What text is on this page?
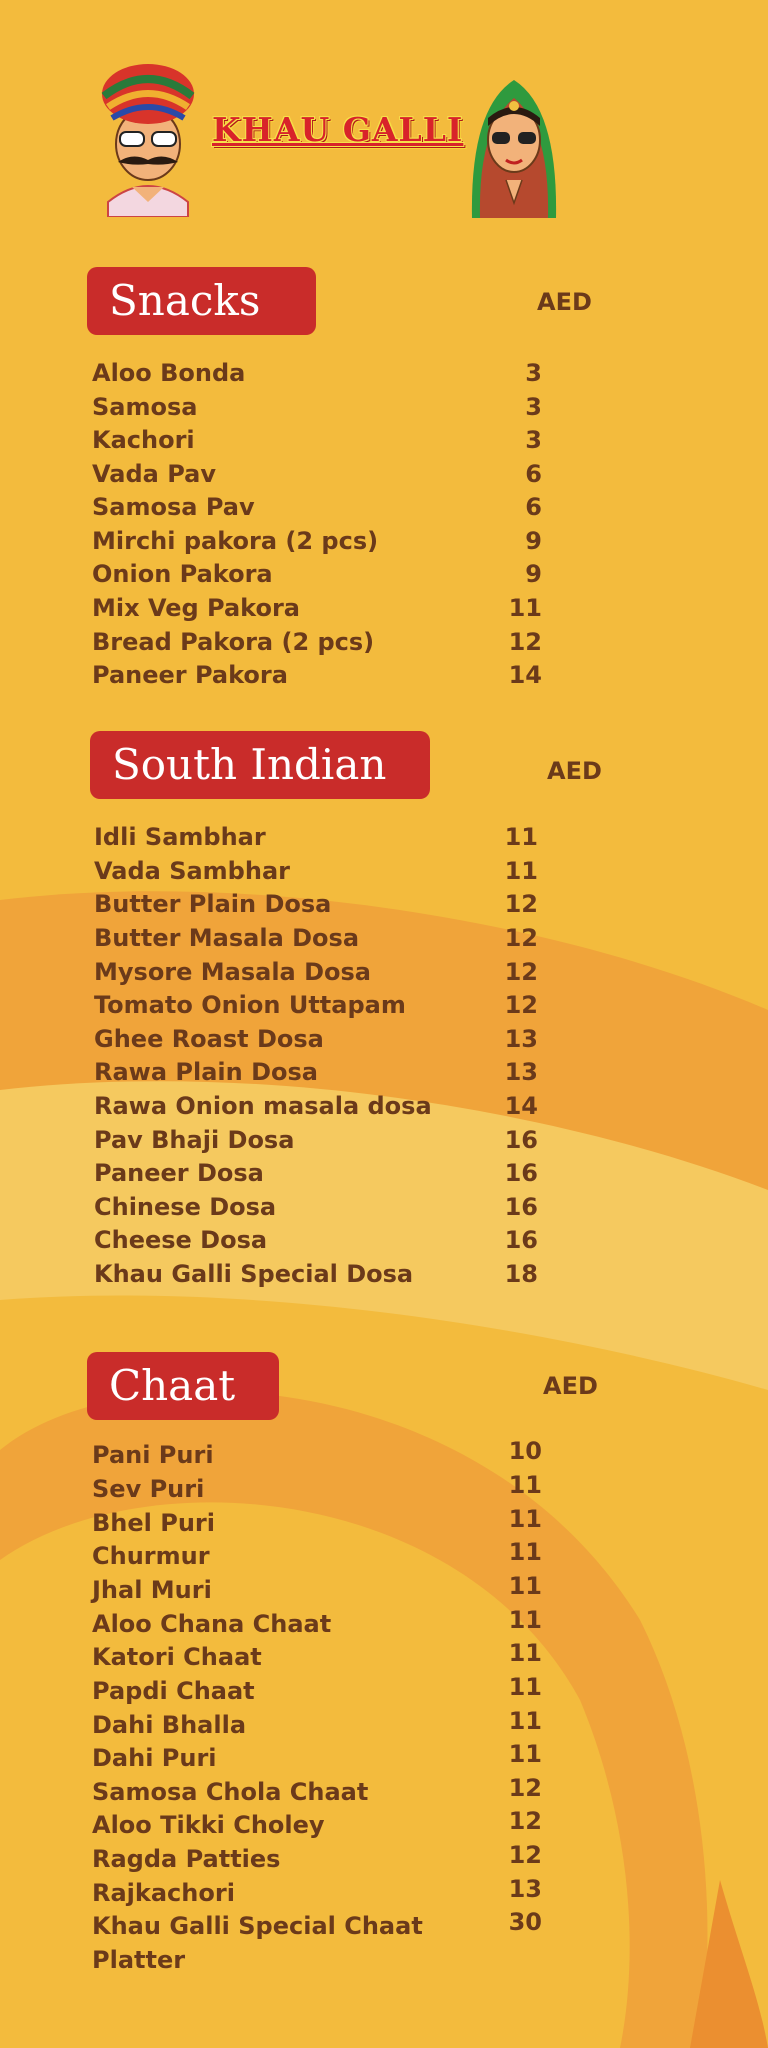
KHAU GALLI
Snacks	AED
Aloo Bonda	3
Samosa	3
Kachori	3
Vada Pav	6
Samosa Pav	6
Mirchi pakora (2 pcs)	9
Onion Pakora	9
Mix Veg Pakora	11
Bread Pakora (2 pcs)	12
Paneer Pakora	14
South Indian	AED
Idli Sambhar	11
Vada Sambhar	11
Butter Plain Dosa	12
Butter Masala Dosa	12
Mysore Masala Dosa	12
Tomato Onion Uttapam	12
Ghee Roast Dosa	13
Rawa Plain Dosa	13
Rawa Onion masala dosa	14
Pav Bhaji Dosa	16
Paneer Dosa	16
Chinese Dosa	16
Cheese Dosa	16
Khau Galli Special Dosa	18
Chaat	AED
Pani Puri	10
Sev Puri	11
Bhel Puri	11
Churmur	11
Jhal Muri	11
Aloo Chana Chaat	11
Katori Chaat	11
Papdi Chaat	11
Dahi Bhalla	11
Dahi Puri	11
Samosa Chola Chaat	12
Aloo Tikki Choley	12
Ragda Patties	12
Rajkachori	13
Khau Galli Special Chaat	30
Platter
